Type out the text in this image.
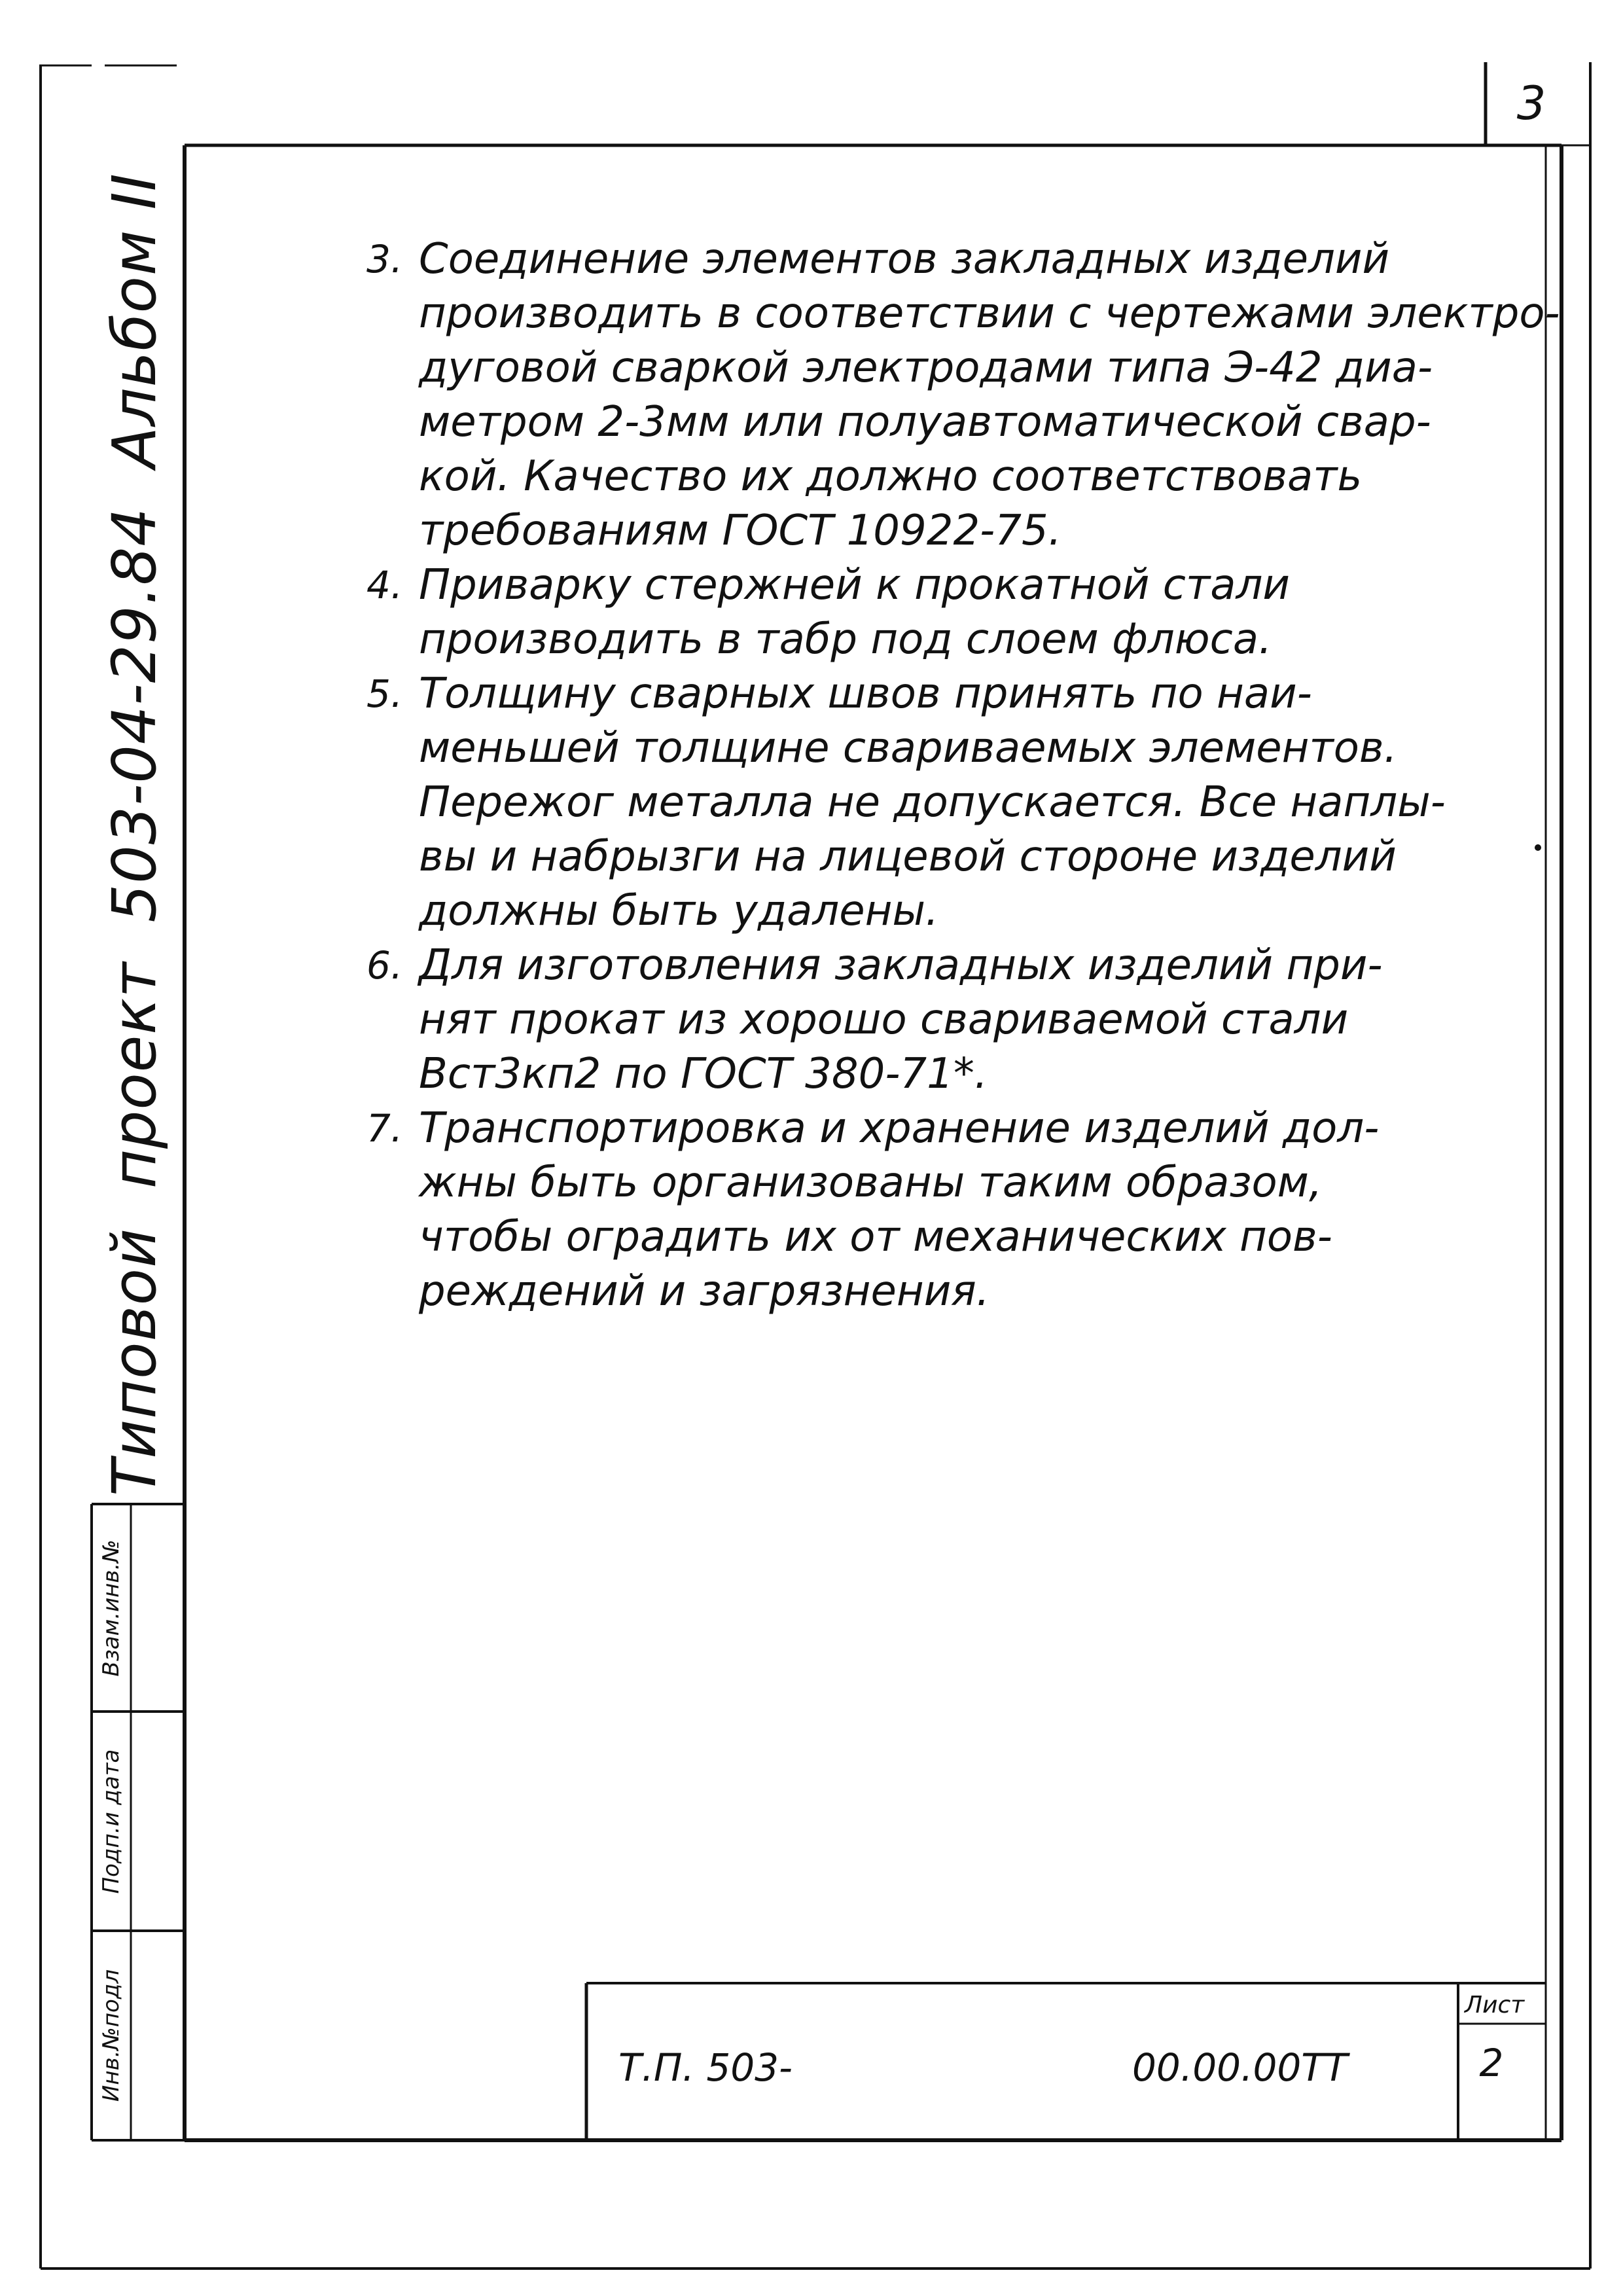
3
Типовой
проект
503-04-29.84
Альбом II
Взам.инв.№
Подп.и дата
Инв.№подл
3. Соединение элементов закладных изделий
производить в соответствии с чертежами электро-
дуговой сваркой электродами типа Э-42 диа-
метром 2-3мм или полуавтоматической свар-
кой. Качество их должно соответствовать
требованиям ГОСТ 10922-75.
4. Приварку стержней к прокатной стали
производить в табр под слоем флюса.
5. Толщину сварных швов принять по наи-
меньшей толщине свариваемых элементов.
Пережог металла не допускается. Все наплы-
вы и набрызги на лицевой стороне изделий
должны быть удалены.
6. Для изготовления закладных изделий при-
нят прокат из хорошо свариваемой стали
Вст3кп2 по ГОСТ 380-71*.
7. Транспортировка и хранение изделий дол-
жны быть организованы таким образом,
чтобы оградить их от механических пов-
реждений и загрязнения.
Т.П. 503-	00.00.00ТТ
Лист
2
